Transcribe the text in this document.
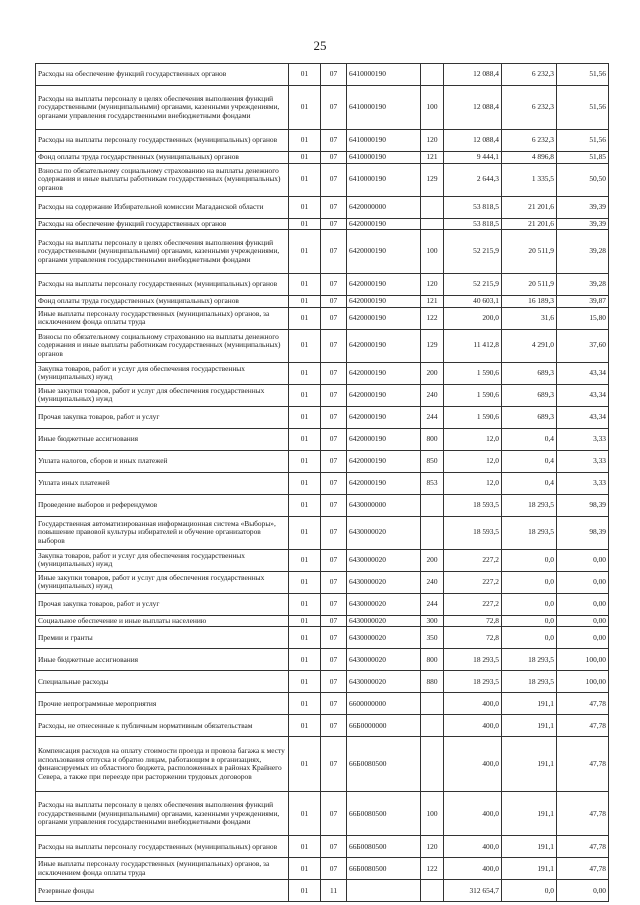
25
Расходы на обеспечение функций государственных органов	01	07	6410000190		12 088,4	6 232,3	51,56
Расходы на выплаты персоналу в целях обеспечения выполнения функций государственными (муниципальными) органами, казенными учреждениями, органами управления государственными внебюджетными фондами	01	07	6410000190	100	12 088,4	6 232,3	51,56
Расходы на выплаты персоналу государственных (муниципальных) органов	01	07	6410000190	120	12 088,4	6 232,3	51,56
Фонд оплаты труда государственных (муниципальных) органов	01	07	6410000190	121	9 444,1	4 896,8	51,85
Взносы по обязательному социальному страхованию на выплаты денежного содержания и иные выплаты работникам государственных (муниципальных) органов	01	07	6410000190	129	2 644,3	1 335,5	50,50
Расходы на содержание Избирательной комиссии Магаданской области	01	07	6420000000		53 818,5	21 201,6	39,39
Расходы на обеспечение функций государственных органов	01	07	6420000190		53 818,5	21 201,6	39,39
Расходы на выплаты персоналу в целях обеспечения выполнения функций государственными (муниципальными) органами, казенными учреждениями, органами управления государственными внебюджетными фондами	01	07	6420000190	100	52 215,9	20 511,9	39,28
Расходы на выплаты персоналу государственных (муниципальных) органов	01	07	6420000190	120	52 215,9	20 511,9	39,28
Фонд оплаты труда государственных (муниципальных) органов	01	07	6420000190	121	40 603,1	16 189,3	39,87
Иные выплаты персоналу государственных (муниципальных) органов, за исключением фонда оплаты труда	01	07	6420000190	122	200,0	31,6	15,80
Взносы по обязательному социальному страхованию на выплаты денежного содержания и иные выплаты работникам государственных (муниципальных) органов	01	07	6420000190	129	11 412,8	4 291,0	37,60
Закупка товаров, работ и услуг для обеспечения государственных (муниципальных) нужд	01	07	6420000190	200	1 590,6	689,3	43,34
Иные закупки товаров, работ и услуг для обеспечения государственных (муниципальных) нужд	01	07	6420000190	240	1 590,6	689,3	43,34
Прочая закупка товаров, работ и услуг	01	07	6420000190	244	1 590,6	689,3	43,34
Иные бюджетные ассигнования	01	07	6420000190	800	12,0	0,4	3,33
Уплата налогов, сборов и иных платежей	01	07	6420000190	850	12,0	0,4	3,33
Уплата иных платежей	01	07	6420000190	853	12,0	0,4	3,33
Проведение выборов и референдумов	01	07	6430000000		18 593,5	18 293,5	98,39
Государственная автоматизированная информационная система «Выборы», повышение правовой культуры избирателей и обучение организаторов выборов	01	07	6430000020		18 593,5	18 293,5	98,39
Закупка товаров, работ и услуг для обеспечения государственных (муниципальных) нужд	01	07	6430000020	200	227,2	0,0	0,00
Иные закупки товаров, работ и услуг для обеспечения государственных (муниципальных) нужд	01	07	6430000020	240	227,2	0,0	0,00
Прочая закупка товаров, работ и услуг	01	07	6430000020	244	227,2	0,0	0,00
Социальное обеспечение и иные выплаты населению	01	07	6430000020	300	72,8	0,0	0,00
Премии и гранты	01	07	6430000020	350	72,8	0,0	0,00
Иные бюджетные ассигнования	01	07	6430000020	800	18 293,5	18 293,5	100,00
Специальные расходы	01	07	6430000020	880	18 293,5	18 293,5	100,00
Прочие непрограммные мероприятия	01	07	6600000000		400,0	191,1	47,78
Расходы, не отнесенные к публичным нормативным обязательствам	01	07	66Б0000000		400,0	191,1	47,78
Компенсация расходов на оплату стоимости проезда и провоза багажа к месту использования отпуска и обратно лицам, работающим в организациях, финансируемых из областного бюджета, расположенных в районах Крайнего Севера, а также при переезде при расторжении трудовых договоров	01	07	66Б0080500		400,0	191,1	47,78
Расходы на выплаты персоналу в целях обеспечения выполнения функций государственными (муниципальными) органами, казенными учреждениями, органами управления государственными внебюджетными фондами	01	07	66Б0080500	100	400,0	191,1	47,78
Расходы на выплаты персоналу государственных (муниципальных) органов	01	07	66Б0080500	120	400,0	191,1	47,78
Иные выплаты персоналу государственных (муниципальных) органов, за исключением фонда оплаты труда	01	07	66Б0080500	122	400,0	191,1	47,78
Резервные фонды	01	11			312 654,7	0,0	0,00
